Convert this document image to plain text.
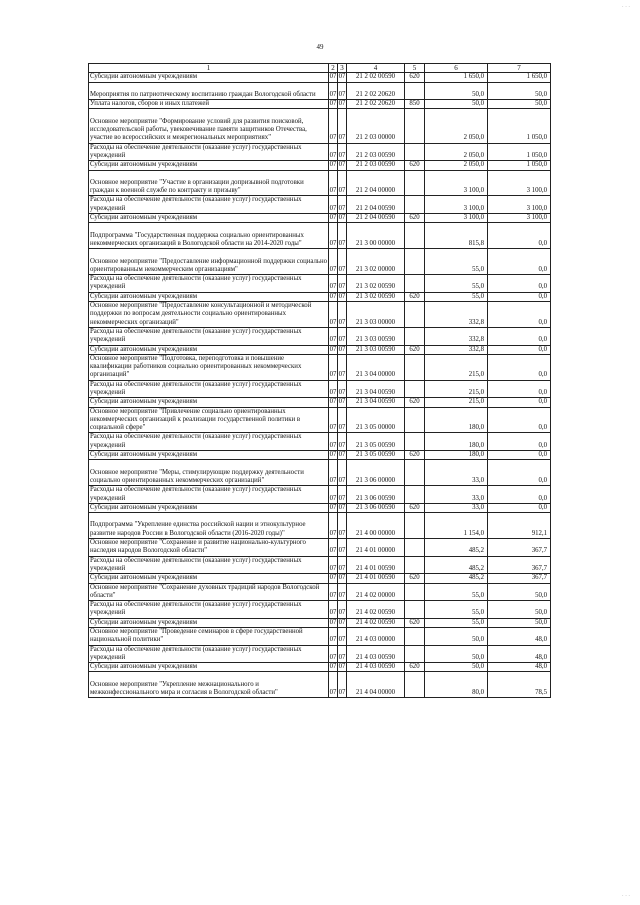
· · ·
49
1	2	3	4	5	6	7
Субсидии автономным учреждениям	07	07	21 2 02 00590	620	1 650,0	1 650,0
Мероприятия по патриотическому воспитанию граждан Вологодской области	07	07	21 2 02 20620		50,0	50,0
Уплата налогов, сборов и иных платежей	07	07	21 2 02 20620	850	50,0	50,0
Основное мероприятие "Формирование условий для развития поисковой, исследовательской работы, увековечивание памяти защитников Отечества, участие во всероссийских и межрегиональных мероприятиях"	07	07	21 2 03 00000		2 050,0	1 050,0
Расходы на обеспечение деятельности (оказание услуг) государственных учреждений	07	07	21 2 03 00590		2 050,0	1 050,0
Субсидии автономным учреждениям	07	07	21 2 03 00590	620	2 050,0	1 050,0
Основное мероприятие "Участие в организации допризывной подготовки граждан к военной службе по контракту и призыву"	07	07	21 2 04 00000		3 100,0	3 100,0
Расходы на обеспечение деятельности (оказание услуг) государственных учреждений	07	07	21 2 04 00590		3 100,0	3 100,0
Субсидии автономным учреждениям	07	07	21 2 04 00590	620	3 100,0	3 100,0
Подпрограмма "Государственная поддержка социально ориентированных некоммерческих организаций в Вологодской области на 2014-2020 годы"	07	07	21 3 00 00000		815,8	0,0
Основное мероприятие "Предоставление информационной поддержки социально ориентированным некоммерческим организациям"	07	07	21 3 02 00000		55,0	0,0
Расходы на обеспечение деятельности (оказание услуг) государственных учреждений	07	07	21 3 02 00590		55,0	0,0
Субсидии автономным учреждениям	07	07	21 3 02 00590	620	55,0	0,0
Основное мероприятие "Предоставление консультационной и методической поддержки по вопросам деятельности социально ориентированных некоммерческих организаций"	07	07	21 3 03 00000		332,8	0,0
Расходы на обеспечение деятельности (оказание услуг) государственных учреждений	07	07	21 3 03 00590		332,8	0,0
Субсидии автономным учреждениям	07	07	21 3 03 00590	620	332,8	0,0
Основное мероприятие "Подготовка, переподготовка и повышение квалификации работников социально ориентированных некоммерческих организаций"	07	07	21 3 04 00000		215,0	0,0
Расходы на обеспечение деятельности (оказание услуг) государственных учреждений	07	07	21 3 04 00590		215,0	0,0
Субсидии автономным учреждениям	07	07	21 3 04 00590	620	215,0	0,0
Основное мероприятие "Привлечение социально ориентированных некоммерческих организаций к реализации государственной политики в социальной сфере"	07	07	21 3 05 00000		180,0	0,0
Расходы на обеспечение деятельности (оказание услуг) государственных учреждений	07	07	21 3 05 00590		180,0	0,0
Субсидии автономным учреждениям	07	07	21 3 05 00590	620	180,0	0,0
Основное мероприятие "Меры, стимулирующие поддержку деятельности социально ориентированных некоммерческих организаций"	07	07	21 3 06 00000		33,0	0,0
Расходы на обеспечение деятельности (оказание услуг) государственных учреждений	07	07	21 3 06 00590		33,0	0,0
Субсидии автономным учреждениям	07	07	21 3 06 00590	620	33,0	0,0
Подпрограмма "Укрепление единства российской нации и этнокультурное развитие народов России в Вологодской области (2016-2020 годы)"	07	07	21 4 00 00000		1 154,0	912,1
Основное мероприятие "Сохранение и развитие национально-культурного наследия народов Вологодской области"	07	07	21 4 01 00000		485,2	367,7
Расходы на обеспечение деятельности (оказание услуг) государственных учреждений	07	07	21 4 01 00590		485,2	367,7
Субсидии автономным учреждениям	07	07	21 4 01 00590	620	485,2	367,7
Основное мероприятие "Сохранение духовных традиций народов Вологодской области"	07	07	21 4 02 00000		55,0	50,0
Расходы на обеспечение деятельности (оказание услуг) государственных учреждений	07	07	21 4 02 00590		55,0	50,0
Субсидии автономным учреждениям	07	07	21 4 02 00590	620	55,0	50,0
Основное мероприятие "Проведение семинаров в сфере государственной национальной политики"	07	07	21 4 03 00000		50,0	48,0
Расходы на обеспечение деятельности (оказание услуг) государственных учреждений	07	07	21 4 03 00590		50,0	48,0
Субсидии автономным учреждениям	07	07	21 4 03 00590	620	50,0	48,0
Основное мероприятие "Укрепление межнационального и межконфессионального мира и согласия в Вологодской области"	07	07	21 4 04 00000		80,0	78,5
· · ·
